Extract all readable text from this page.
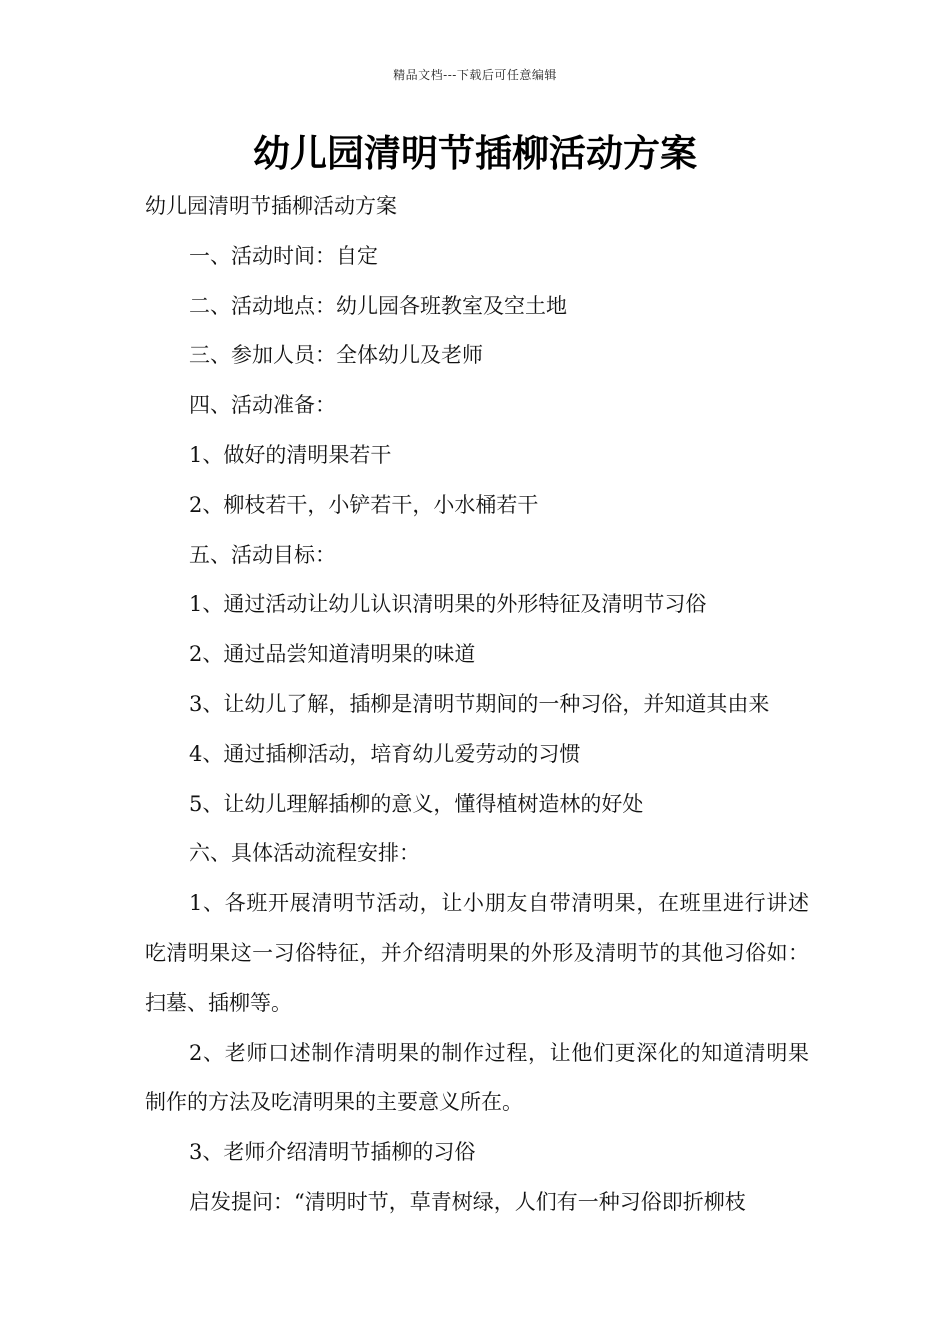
精品文档---下载后可任意编辑
幼儿园清明节插柳活动方案

幼儿园清明节插柳活动方案

一、活动时间：自定

二、活动地点：幼儿园各班教室及空土地

三、参加人员：全体幼儿及老师

四、活动准备：

1、做好的清明果若干

2、柳枝若干，小铲若干，小水桶若干

五、活动目标：

1、通过活动让幼儿认识清明果的外形特征及清明节习俗

2、通过品尝知道清明果的味道

3、让幼儿了解，插柳是清明节期间的一种习俗，并知道其由来

4、通过插柳活动，培育幼儿爱劳动的习惯

5、让幼儿理解插柳的意义，懂得植树造林的好处

六、具体活动流程安排：

1、各班开展清明节活动，让小朋友自带清明果，在班里进行讲述吃清明果这一习俗特征，并介绍清明果的外形及清明节的其他习俗如：扫墓、插柳等。

2、老师口述制作清明果的制作过程，让他们更深化的知道清明果制作的方法及吃清明果的主要意义所在。

3、老师介绍清明节插柳的习俗

启发提问：“清明时节，草青树绿，人们有一种习俗即折柳枝
